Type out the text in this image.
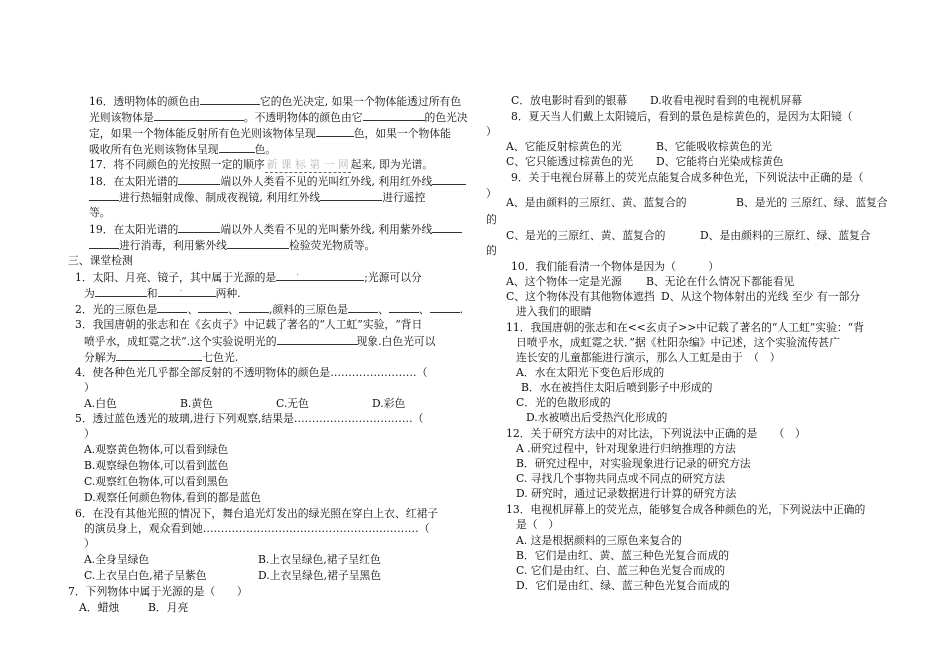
16．透明物体的颜色由	它的色光决定, 如果一个物体能透过所有色
光则该物体是	。不透明物体的颜色由它	的色光决
定，如果一个物体能反射所有色光则该物体呈现	色，如果一个物体能
吸收所有色光则该物体呈现	色。
17．将不同颜色的光按照一定的顺序 新 课 标 第 一 网 起来, 即为光谱。
18．在太阳光谱的	端以外人类看不见的光叫红外线, 利用红外线
进行热辐射成像、制成夜视镜, 利用红外线	进行遥控
等。
19．在太阳光谱的	端以外人类看不见的光叫紫外线, 利用紫外线
进行消毒，利用紫外线	检验荧光物质等。
三、课堂检测
1．太阳、月亮、镜子，其中属于光源的是 .	;光源可以分
为	和 .	两种.
2．光的三原色是	、	、	,颜料的三原色是	、	、	.
3．我国唐朝的张志和在《玄贞子》中记载了著名的“人工虹”实验，“背日
喷乎水，成虹霓之状”.这个实验说明光的	现象.白色光可以
分解为	七色光.
4．使各种色光几乎都全部反射的不透明物体的颜色是……………………（
）
A.白色	B.黄色	C.无色	D.彩色
5．透过蓝色透光的玻璃,进行下列观察,结果是……………………………（
）
A.观察黄色物体,可以看到绿色
B.观察绿色物体,可以看到蓝色
C.观察红色物体,可以看到黑色
D.观察任何颜色物体,看到的都是蓝色
6．在没有其他光照的情况下，舞台追光灯发出的绿光照在穿白上衣、红裙子
的演员身上，观众看到她……………………………………………………（
）
A.全身呈绿色	B.上衣呈绿色,裙子呈红色
C.上衣呈白色,裙子呈紫色	D.上衣呈绿色,裙子呈黑色
7．下列物体中属于光源的是（　　）
A．蜡烛	B．月亮
C．放电影时看到的银幕 D.收看电视时看到的电视机屏幕
8．夏天当人们戴上太阳镜后，看到的景色是棕黄色的，是因为太阳镜（
）
A、它能反射棕黄色的光	B、它能吸收棕黄色的光
C、它只能透过棕黄色的光 D、它能将白光染成棕黄色
9．关于电视台屏幕上的荧光点能复合成多种色光，下列说法中正确的是（
）
A、是由颜料的三原红、黄、蓝复合的	B、是光的 三原红、绿、蓝复合
的
C、是光的三原红、黄、蓝复合的	D、是由颜料的三原红、绿、蓝复合
的
10．我们能看清一个物体是因为（　　　）
A、这个物体一定是光源 B、无论在什么情况下都能看见
C、这个物体没有其他物体遮挡 D、从这个物体射出的光线 至少 有一部分
进入我们的眼睛
11．我国唐朝的张志和在<<玄贞子>>中记载了著名的“人工虹”实验：“背
日喷乎水，成虹霓之状．”据《杜阳杂编》中记述，这个实验流传甚广
连长安的儿童都能进行演示，那么人工虹是由于　（　）
A．水在太阳光下变色后形成的
B．水在被挡住太阳后喷到影子中形成的
C．光的色散形成的
D.水被喷出后受热汽化形成的
12．关于研究方法中的对比法，下列说法中正确的是　　（　）
A .研究过程中，针对现象进行归纳推理的方法
B．研究过程中，对实验现象进行记录的研究方法
C. 寻找几个事物共同点或不同点的研究方法
D. 研究时，通过记录数据进行计算的研究方法
13．电视机屏幕上的荧光点，能够复合成各种颜色的光，下列说法中正确的
是（　）
A. 这是根据颜料的三原色来复合的
B．它们是由红、黄、蓝三种色光复合而成的
C. 它们是由红、白、蓝三种色光复合而成的
D．它们是由红、绿、蓝三种色光复合而成的
